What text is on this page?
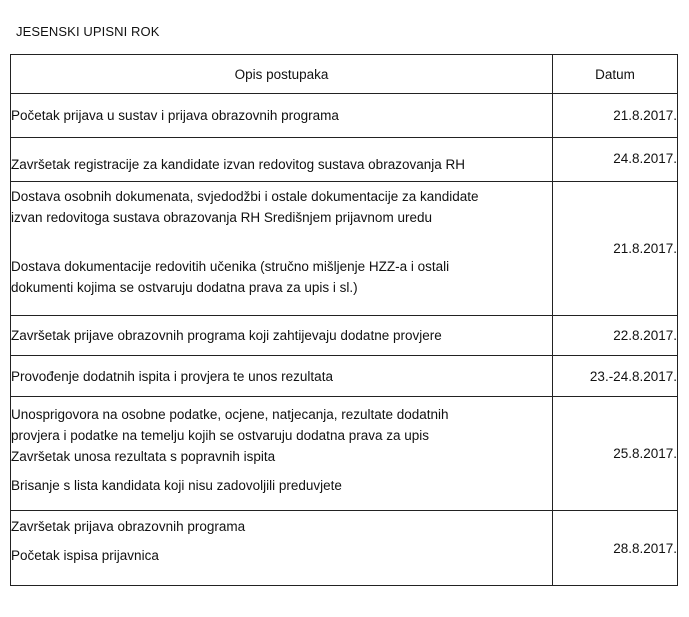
JESENSKI UPISNI ROK
Opis postupaka	Datum

Početak prijava u sustav i prijava obrazovnih programa	21.8.2017.

Završetak registracije za kandidate izvan redovitog sustava obrazovanja RH	24.8.2017.

Dostava osobnih dokumenata, svjedodžbi i ostale dokumentacije za kandidate
izvan redovitoga sustava obrazovanja RH Središnjem prijavnom uredu
Dostava dokumentacije redovitih učenika (stručno mišljenje HZZ-a i ostali
dokumenti kojima se ostvaruju dodatna prava za upis i sl.)	21.8.2017.

Završetak prijave obrazovnih programa koji zahtijevaju dodatne provjere	22.8.2017.

Provođenje dodatnih ispita i provjera te unos rezultata	23.-24.8.2017.

Unosprigovora na osobne podatke, ocjene, natjecanja, rezultate dodatnih
provjera i podatke na temelju kojih se ostvaruju dodatna prava za upis
Završetak unosa rezultata s popravnih ispita
Brisanje s lista kandidata koji nisu zadovoljili preduvjete	25.8.2017.

Završetak prijava obrazovnih programa
Početak ispisa prijavnica	28.8.2017.
